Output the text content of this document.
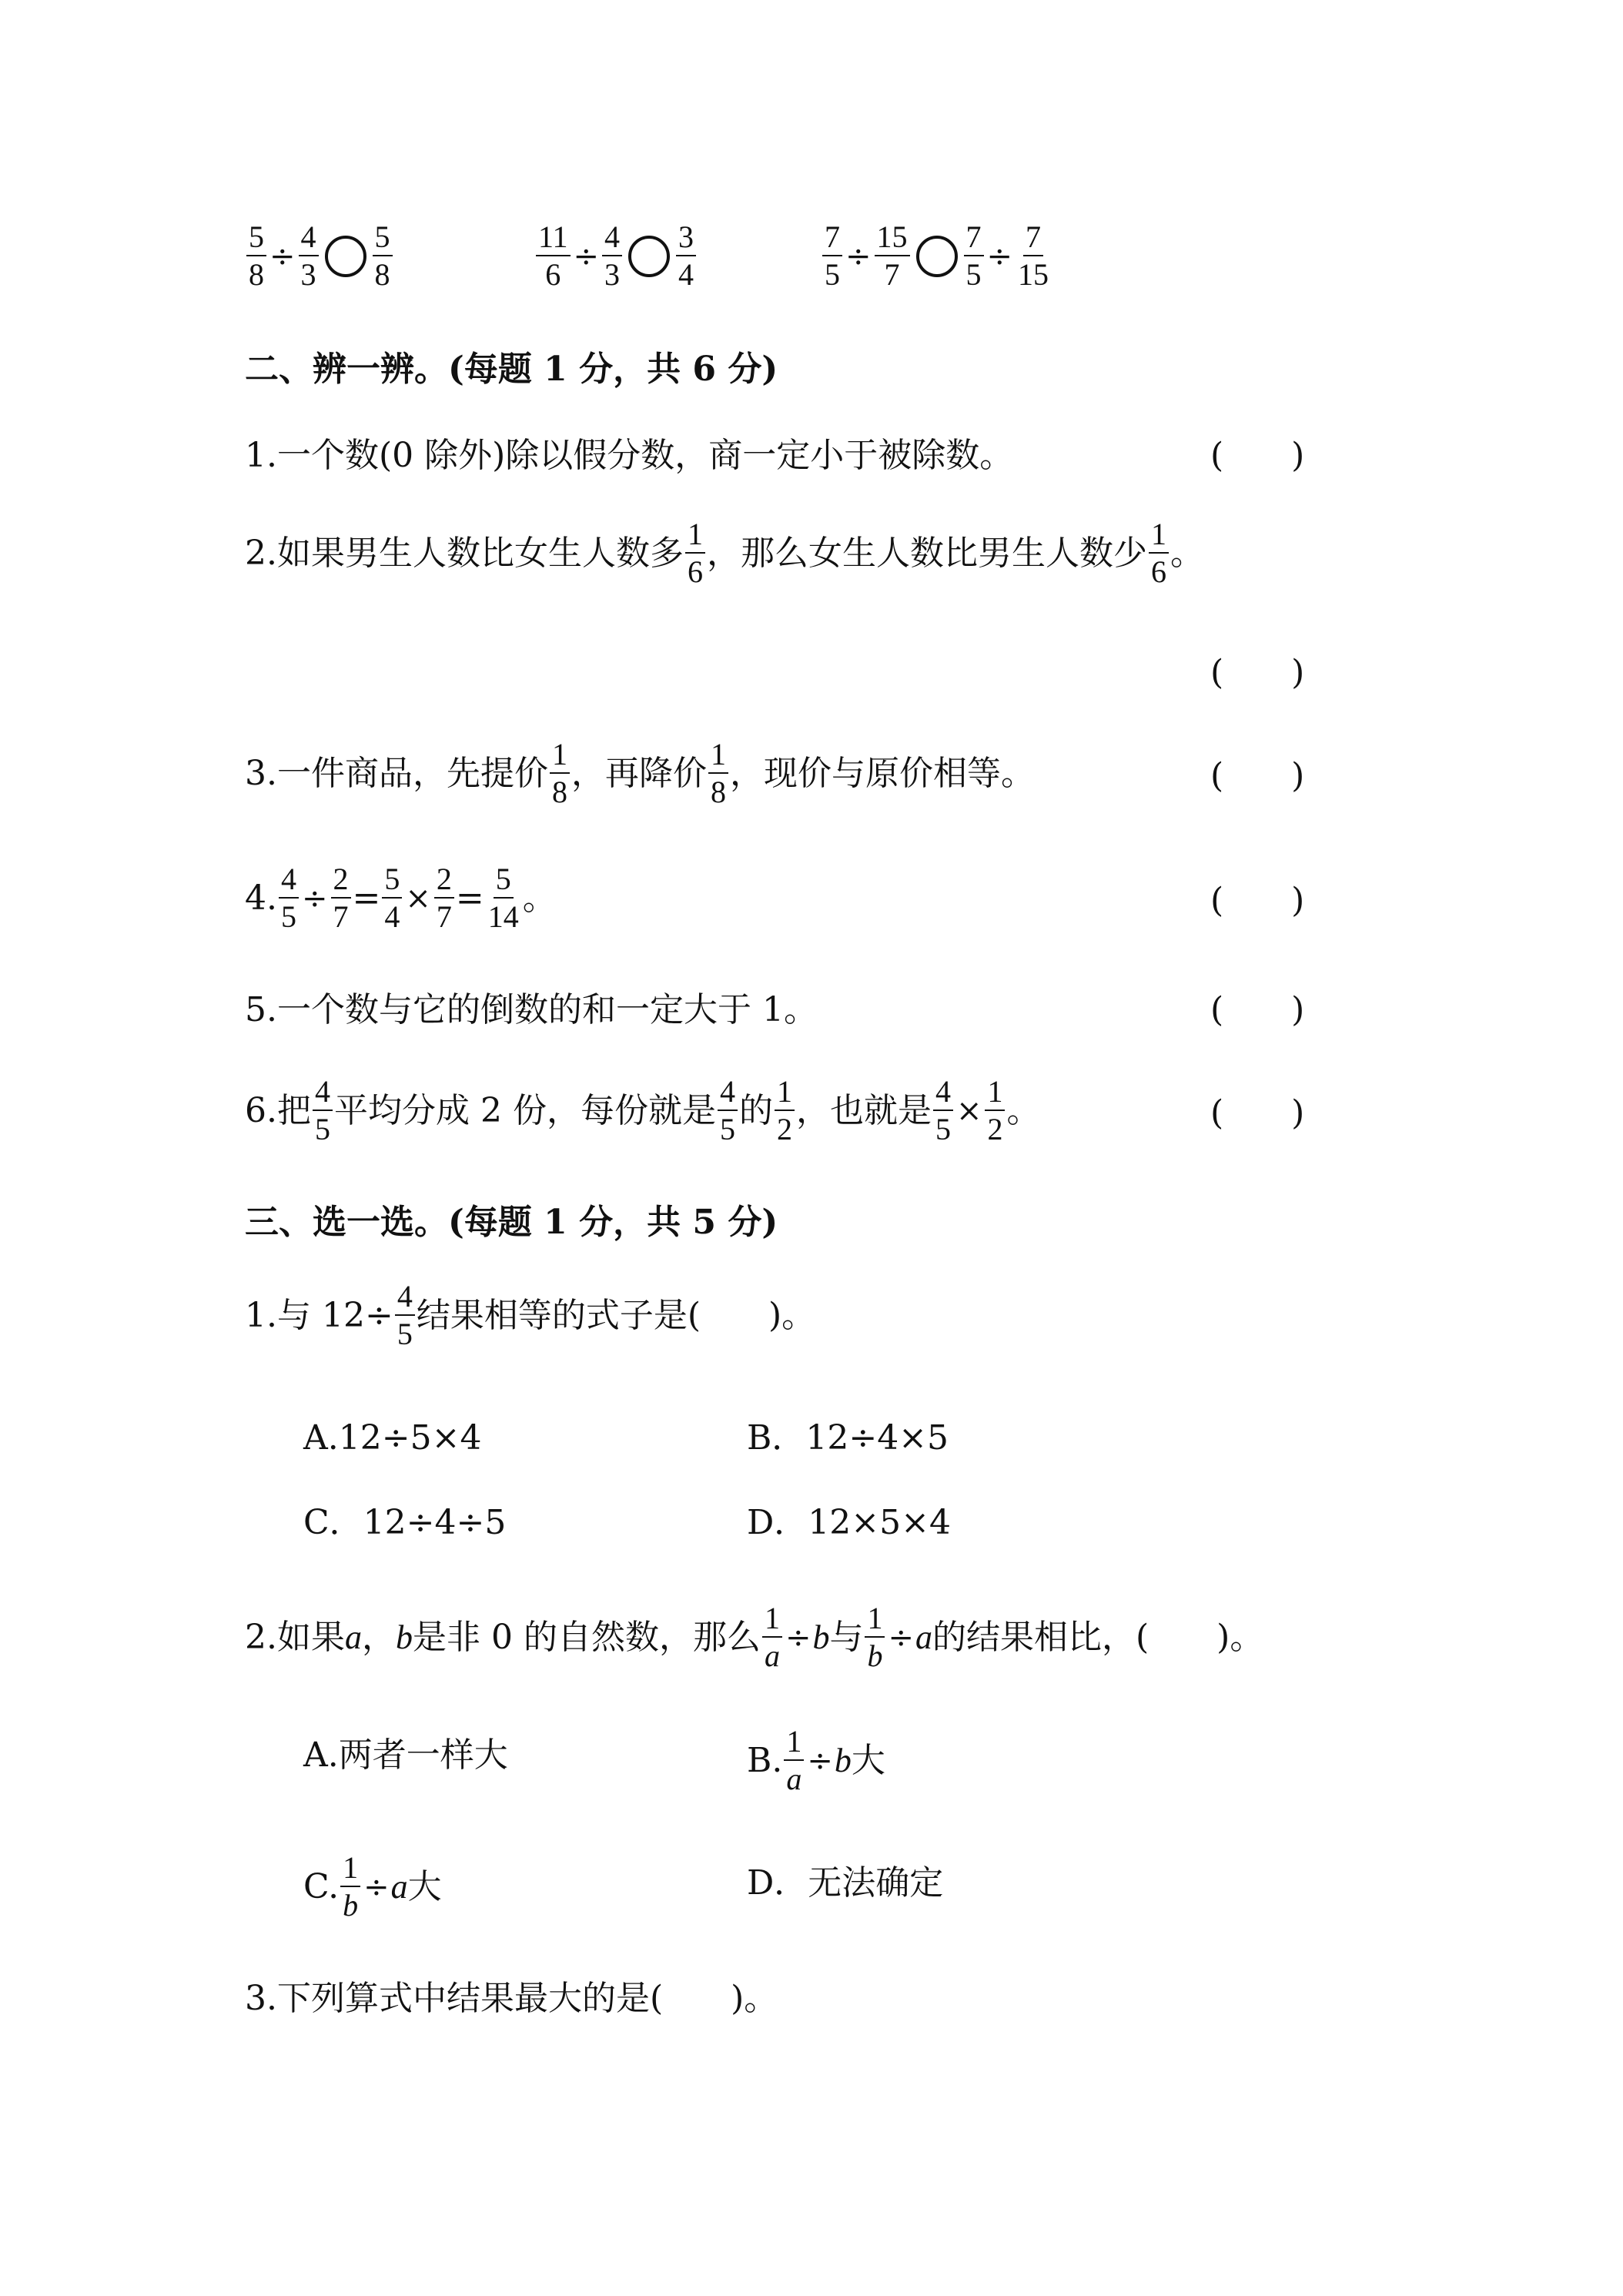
$\frac{5}{8} \div \frac{4}{3} \frac{5}{8}$	$\frac{11}{6} \div \frac{4}{3} \frac{3}{4}$	$\frac{7}{5} \div \frac{15}{7} \frac{7}{5} \div \frac{7}{15}$
二、辨一辨。(每题 1 分，共 6 分)
1.一个数(0 除外)除以假分数，商一定小于被除数。	(　　)
2.如果男生人数比女生人数多 $\frac{1}{6}$ ，那么女生人数比男生人数少 $\frac{1}{6}$ 。
(　　)
3.一件商品，先提价 $\frac{1}{8}$ ，再降价 $\frac{1}{8}$ ，现价与原价相等。	(　　)
4. $\frac{4}{5} \div \frac{2}{7} = \frac{5}{4} \times \frac{2}{7} = \frac{5}{14}$ 。	(　　)
5.一个数与它的倒数的和一定大于 1。	(　　)
6.把 $\frac{4}{5}$ 平均分成 2 份，每份就是 $\frac{4}{5}$ 的 $\frac{1}{2}$ ，也就是 $\frac{4}{5} \times \frac{1}{2}$ 。	(　　)
三、选一选。(每题 1 分，共 5 分)
1.与 $12\div \frac{4}{5}$ 结果相等的式子是(　　)。
A.12÷5×4	B．12÷4×5
C．12÷4÷5	D．12×5×4
2.如果 a ， b 是非 0 的自然数，那么 $\frac{1}{a} \div b$ 与 $\frac{1}{b} \div a$ 的结果相比，(　　)。
A.两者一样大	B. $\frac{1}{a} \div b$ 大
C. $\frac{1}{b} \div a$ 大	D．无法确定
3.下列算式中结果最大的是(　　)。
